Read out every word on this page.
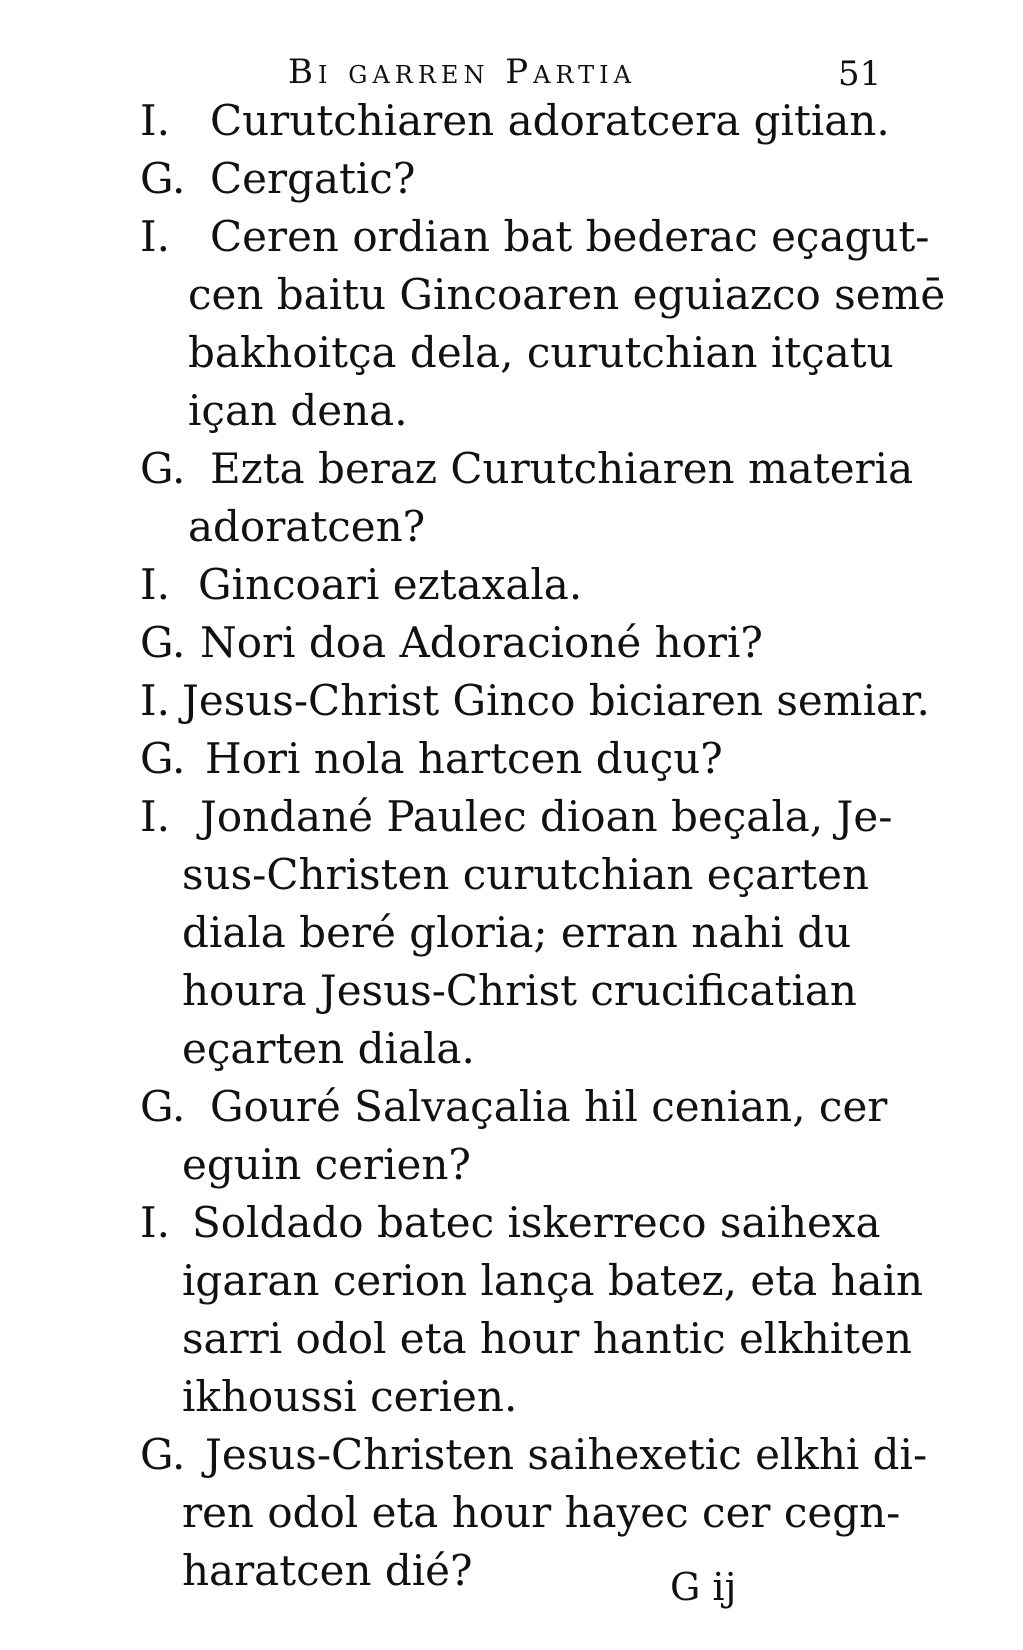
Bi garren Partia	51
I. Curutchiaren adoratcera gitian.
G. Cergatic?
I. Ceren ordian bat bederac eçagut-
cen baitu Gincoaren eguiazco semē
bakhoitça dela, curutchian itçatu
içan dena.
G. Ezta beraz Curutchiaren materia
adoratcen?
I. Gincoari eztaxala.
G. Nori doa Adoracioné hori?
I. Jesus-Christ Ginco biciaren semiar.
G. Hori nola hartcen duçu?
I. Jondané Paulec dioan beçala, Je-
sus-Christen curutchian eçarten
diala beré gloria; erran nahi du
houra Jesus-Christ crucificatian
eçarten diala.
G. Gouré Salvaçalia hil cenian, cer
eguin cerien?
I. Soldado batec iskerreco saihexa
igaran cerion lança batez, eta hain
sarri odol eta hour hantic elkhiten
ikhoussi cerien.
G. Jesus-Christen saihexetic elkhi di-
ren odol eta hour hayec cer cegn-
haratcen dié?	G ij
